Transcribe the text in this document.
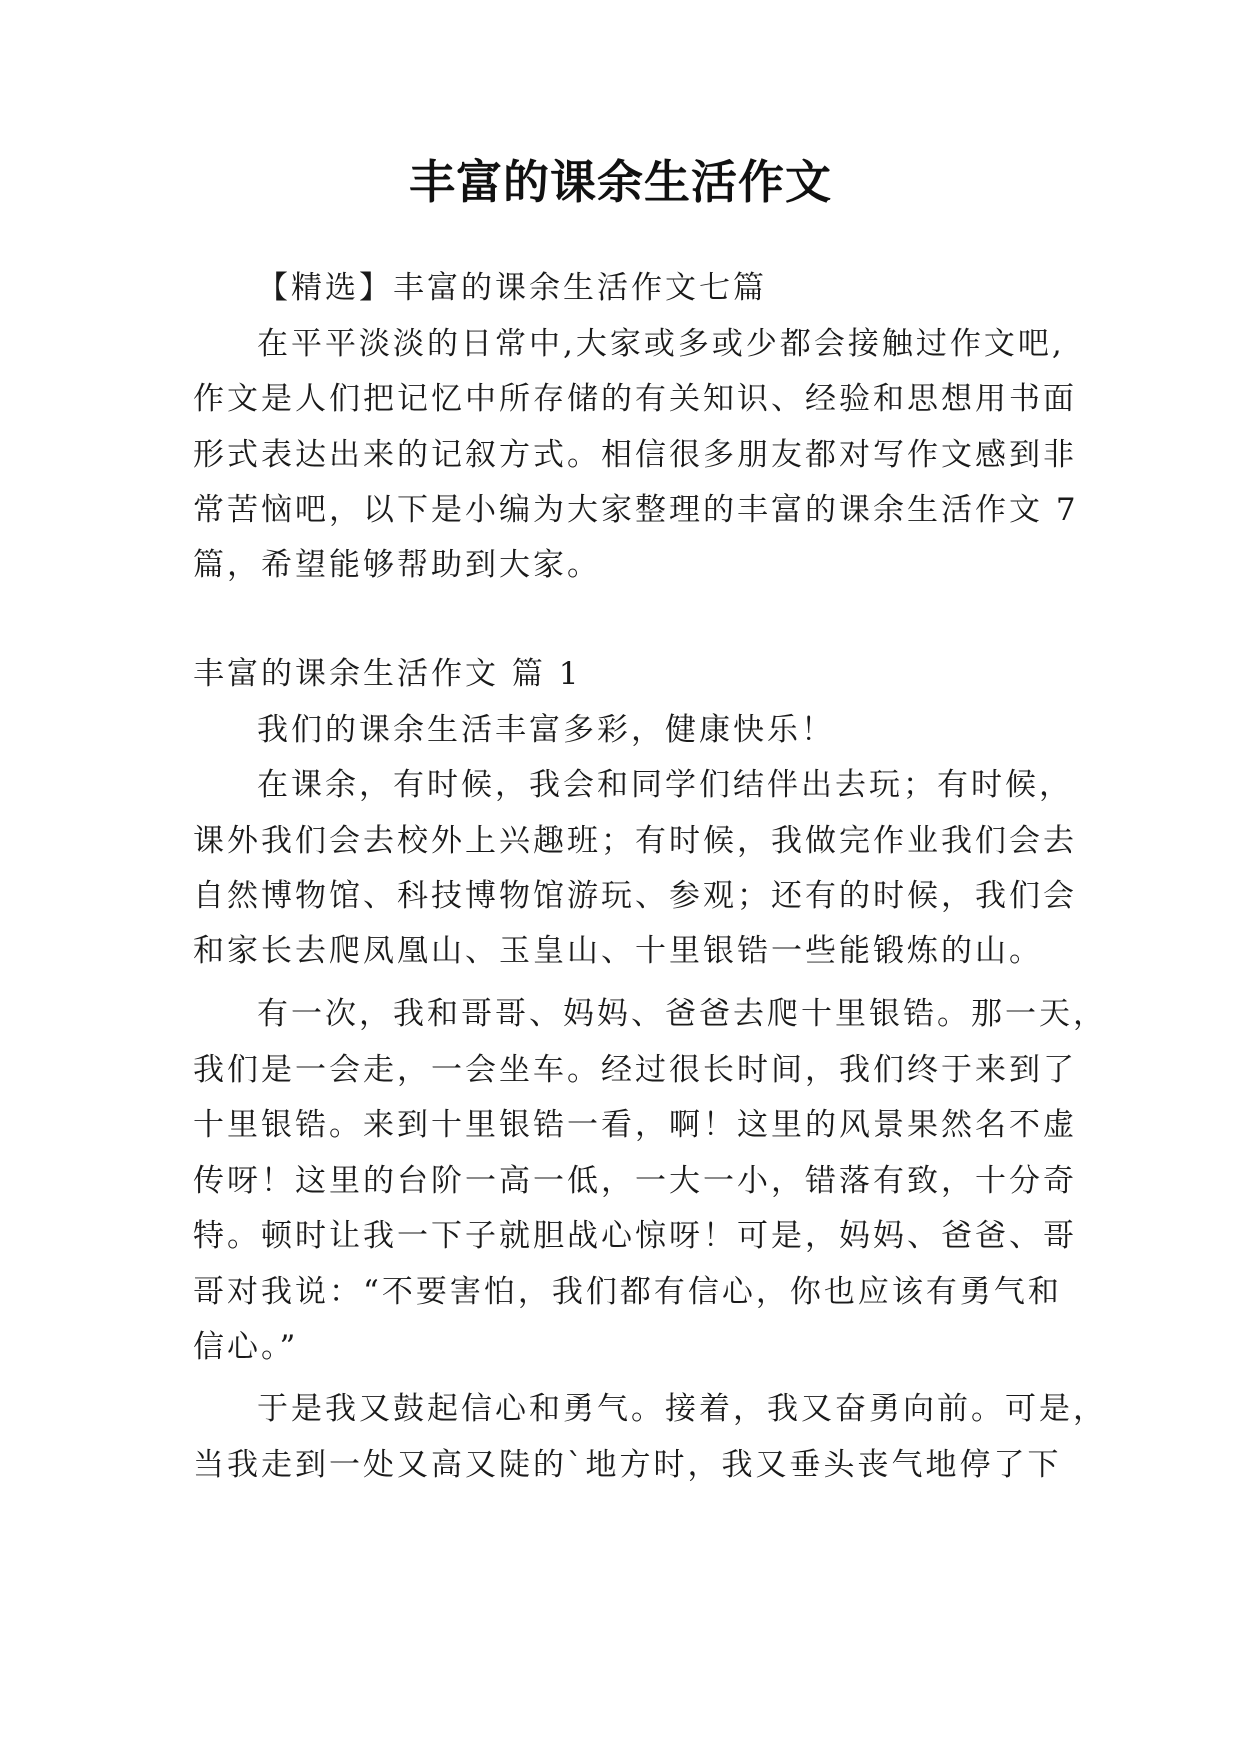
丰富的课余生活作文
【精选】丰富的课余生活作文七篇
在平平淡淡的日常中,大家或多或少都会接触过作文吧,
作文是人们把记忆中所存储的有关知识、经验和思想用书面
形式表达出来的记叙方式。相信很多朋友都对写作文感到非
常苦恼吧，以下是小编为大家整理的丰富的课余生活作文 7
篇，希望能够帮助到大家。
丰富的课余生活作文 篇 1
我们的课余生活丰富多彩，健康快乐！
在课余，有时候，我会和同学们结伴出去玩；有时候，
课外我们会去校外上兴趣班；有时候，我做完作业我们会去
自然博物馆、科技博物馆游玩、参观；还有的时候，我们会
和家长去爬凤凰山、玉皇山、十里银锆一些能锻炼的山。
有一次，我和哥哥、妈妈、爸爸去爬十里银锆。那一天，
我们是一会走，一会坐车。经过很长时间，我们终于来到了
十里银锆。来到十里银锆一看，啊！这里的风景果然名不虚
传呀！这里的台阶一高一低，一大一小，错落有致，十分奇
特。顿时让我一下子就胆战心惊呀！可是，妈妈、爸爸、哥
哥对我说：“不要害怕，我们都有信心，你也应该有勇气和
信心。”
于是我又鼓起信心和勇气。接着，我又奋勇向前。可是，
当我走到一处又高又陡的`地方时，我又垂头丧气地停了下
